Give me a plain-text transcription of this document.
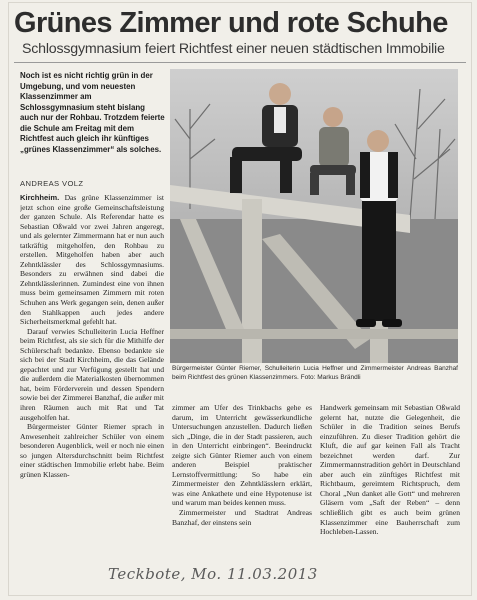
Grünes Zimmer und rote Schuhe
Schlossgymnasium feiert Richtfest einer neuen städtischen Immobilie
Noch ist es nicht richtig grün in der Umgebung, und vom neuesten Klassenzimmer am Schlossgymnasium steht bislang auch nur der Rohbau. Trotzdem feierte die Schule am Freitag mit dem Richtfest auch gleich ihr künftiges „grünes Klassenzimmer“ als solches.
ANDREAS VOLZ
Bürgermeister Günter Riemer, Schulleiterin Lucia Heffner und Zimmermeister Andreas Banzhaf beim Richtfest des grünen Klassenzimmers. Foto: Markus Brändli

Kirchheim. Das grüne Klassenzimmer ist jetzt schon eine große Gemeinschaftsleistung der ganzen Schule. Als Referendar hatte es Sebastian Oßwald vor zwei Jahren angeregt, und als gelernter Zimmermann hat er nun auch tatkräftig mitgeholfen, den Rohbau zu erstellen. Mitgeholfen haben aber auch Zehntklässler des Schlossgymnasiums. Besonders zu erwähnen sind dabei die Zehntklässlerinnen. Zumindest eine von ihnen muss beim gemeinsamen Zimmern mit roten Schuhen ans Werk gegangen sein, denen außer den Stahlkappen auch jedes andere Sicherheitsmerkmal gefehlt hat.

Darauf verwies Schulleiterin Lucia Heffner beim Richtfest, als sie sich für die Mithilfe der Schülerschaft bedankte. Ebenso bedankte sie sich bei der Stadt Kirchheim, die das Gelände gepachtet und zur Verfügung gestellt hat und die außerdem die Materialkosten übernommen hat, beim Förderverein und dessen Spendern sowie bei der Zimmerei Banzhaf, die außer mit ihren Räumen auch mit Rat und Tat ausgeholfen hat.

Bürgermeister Günter Riemer sprach in Anwesenheit zahlreicher Schüler von einem besonderen Augenblick, weil er noch nie einen so jungen Altersdurchschnitt beim Richtfest einer städtischen Immobilie erlebt habe. Beim grünen Klassen-

zimmer am Ufer des Trinkbachs gehe es darum, im Unterricht gewässerkundliche Untersuchungen anzustellen. Dadurch ließen sich „Dinge, die in der Stadt passieren, auch in den Unterricht einbringen“. Beeindruckt zeigte sich Günter Riemer auch von einem anderen Beispiel praktischer Lernstoffvermittlung: So habe ein Zimmermeister den Zehntklässlern erklärt, was eine Ankathete und eine Hypotenuse ist und warum man beides kennen muss.

Zimmermeister und Stadtrat Andreas Banzhaf, der einstens sein

Handwerk gemeinsam mit Sebastian Oßwald gelernt hat, nutzte die Gelegenheit, die Schüler in die Tradition seines Berufs einzuführen. Zu dieser Tradition gehört die Kluft, die auf gar keinen Fall als Tracht bezeichnet werden darf. Zur Zimmermannstradition gehört in Deutschland aber auch ein zünftiges Richtfest mit Richtbaum, gereimtem Richtspruch, dem Choral „Nun danket alle Gott“ und mehreren Gläsern vom „Saft der Reben“ – denn schließlich gibt es auch beim grünen Klassenzimmer eine Bauherrschaft zum Hochleben-Lassen.

Teckbote, Mo. 11.03.2013
